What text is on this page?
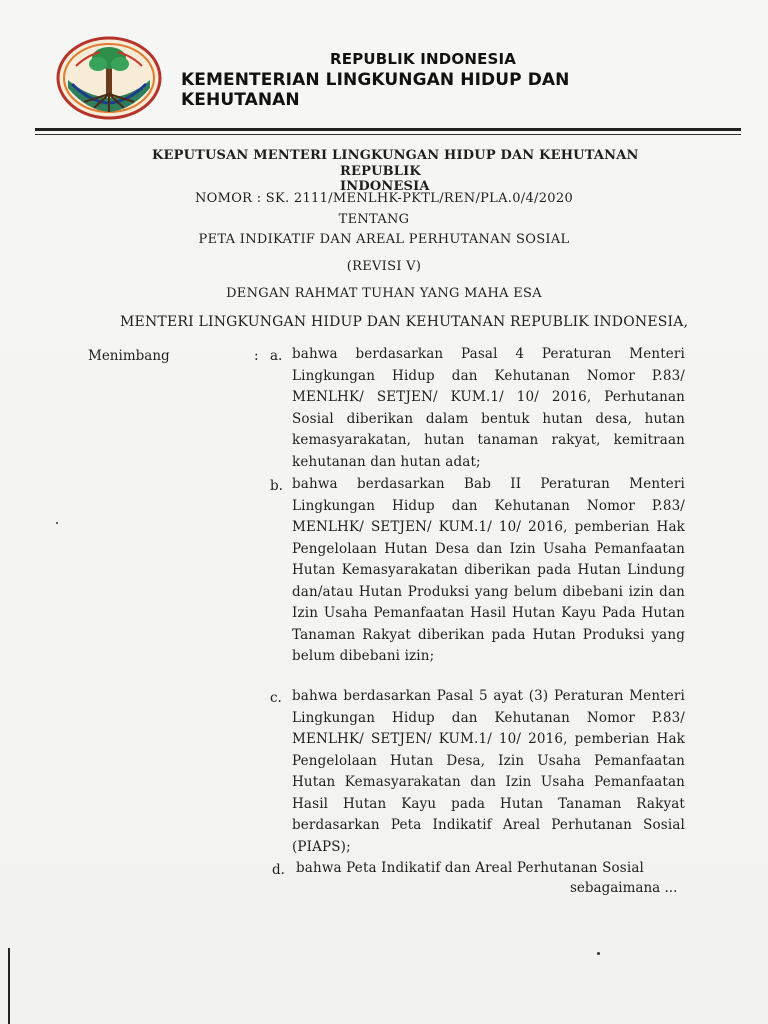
REPUBLIK INDONESIA
KEMENTERIAN LINGKUNGAN HIDUP DAN KEHUTANAN
KEPUTUSAN MENTERI LINGKUNGAN HIDUP DAN KEHUTANAN
REPUBLIK INDONESIA
NOMOR : SK. 2111/MENLHK-PKTL/REN/PLA.0/4/2020
TENTANG
PETA INDIKATIF DAN AREAL PERHUTANAN SOSIAL
(REVISI V)
DENGAN RAHMAT TUHAN YANG MAHA ESA
MENTERI LINGKUNGAN HIDUP DAN KEHUTANAN REPUBLIK INDONESIA,
Menimbang	: a. bahwa berdasarkan Pasal 4 Peraturan Menteri Lingkungan Hidup dan Kehutanan Nomor P.83/ MENLHK/ SETJEN/ KUM.1/ 10/ 2016, Perhutanan Sosial diberikan dalam bentuk hutan desa, hutan kemasyarakatan, hutan tanaman rakyat, kemitraan kehutanan dan hutan adat;
b. bahwa berdasarkan Bab II Peraturan Menteri Lingkungan Hidup dan Kehutanan Nomor P.83/ MENLHK/ SETJEN/ KUM.1/ 10/ 2016, pemberian Hak Pengelolaan Hutan Desa dan Izin Usaha Pemanfaatan Hutan Kemasyarakatan diberikan pada Hutan Lindung dan/atau Hutan Produksi yang belum dibebani izin dan Izin Usaha Pemanfaatan Hasil Hutan Kayu Pada Hutan Tanaman Rakyat diberikan pada Hutan Produksi yang belum dibebani izin;
c. bahwa berdasarkan Pasal 5 ayat (3) Peraturan Menteri Lingkungan Hidup dan Kehutanan Nomor P.83/ MENLHK/ SETJEN/ KUM.1/ 10/ 2016, pemberian Hak Pengelolaan Hutan Desa, Izin Usaha Pemanfaatan Hutan Kemasyarakatan dan Izin Usaha Pemanfaatan Hasil Hutan Kayu pada Hutan Tanaman Rakyat berdasarkan Peta Indikatif Areal Perhutanan Sosial (PIAPS);
d. bahwa Peta Indikatif dan Areal Perhutanan Sosial
sebagaimana ...
